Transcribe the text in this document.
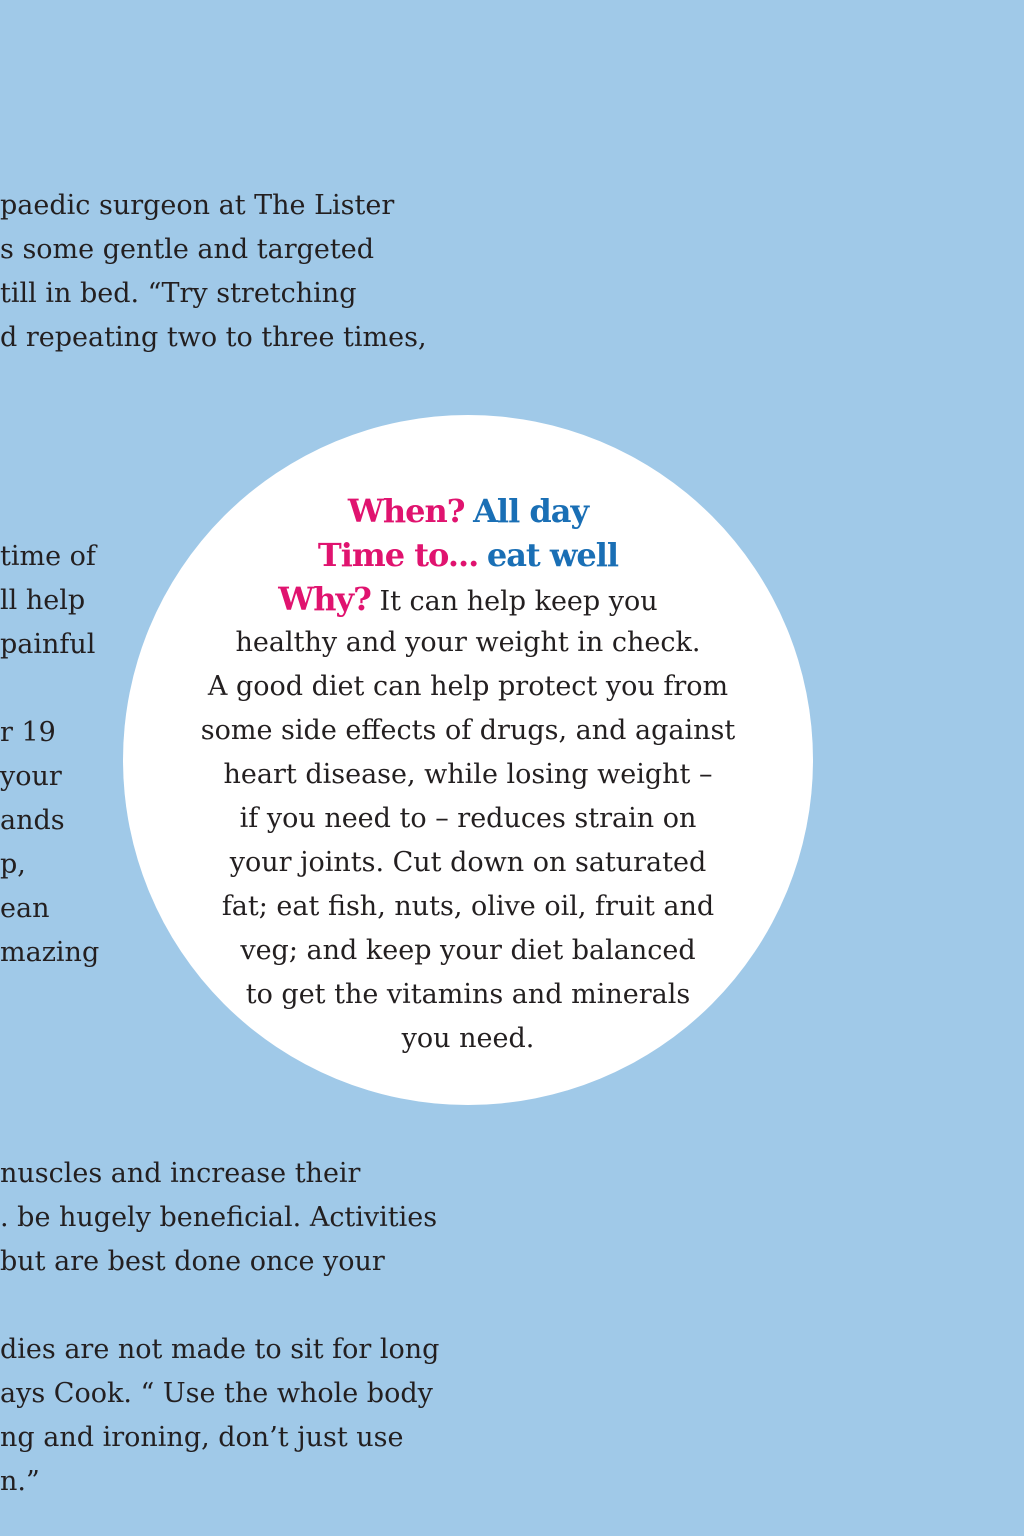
paedic surgeon at The Lister
s some gentle and targeted
till in bed. “Try stretching
d repeating two to three times,
time of
ll help
painful
r 19
your
ands
p,
ean
mazing
nuscles and increase their
. be hugely beneficial. Activities
but are best done once your
dies are not made to sit for long
ays Cook. “ Use the whole body
ng and ironing, don’t just use
n.”
When? All day
Time to... eat well
Why? It can help keep you
healthy and your weight in check.
A good diet can help protect you from
some side effects of drugs, and against
heart disease, while losing weight –
if you need to – reduces strain on
your joints. Cut down on saturated
fat; eat fish, nuts, olive oil, fruit and
veg; and keep your diet balanced
to get the vitamins and minerals
you need.
